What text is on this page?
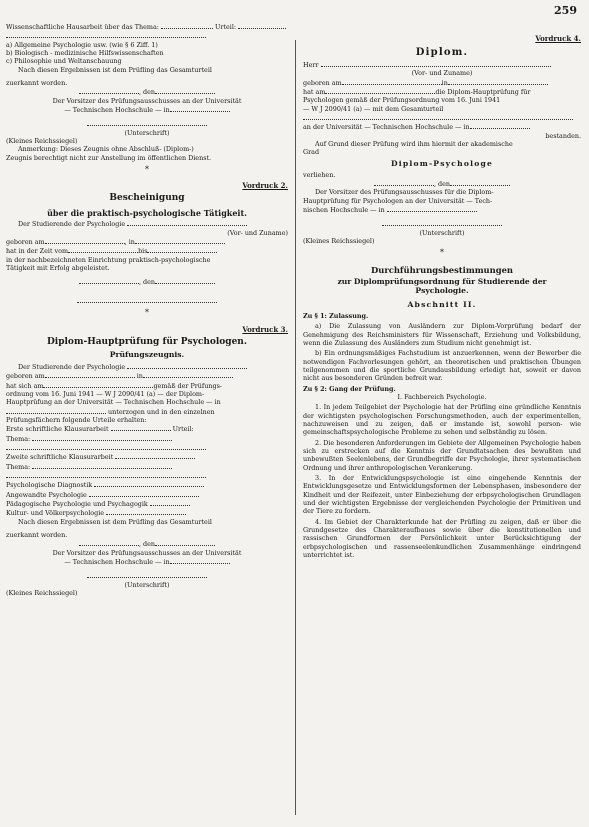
259

Wissenschaftliche Hausarbeit über das Thema:	Urteil:

a) Allgemeine Psychologie usw. (wie § 6 Ziff. 1)

b) Biologisch - medizinische Hilfswissenschaften

c) Philosophie und Weltanschauung

Nach diesen Ergebnissen ist dem Prüfling das Gesamturteil

zuerkannt worden.

, den

Der Vorsitzer des Prüfungsausschusses an der Universität

— Technischen Hochschule — in

(Unterschrift)

(Kleines Reichssiegel)

Anmerkung: Dieses Zeugnis ohne Abschluß- (Diplom-)

Zeugnis berechtigt nicht zur Anstellung im öffentlichen Dienst.

*
Vordruck 2.
Bescheinigung
über die praktisch-psychologische Tätigkeit.

Der Studierende der Psychologie

(Vor- und Zuname)

geboren am	, in

hat in der Zeit vom	bis

in der nachbezeichneten Einrichtung praktisch-psychologische

Tätigkeit mit Erfolg abgeleistet.

, den

*
Vordruck 3.
Diplom-Hauptprüfung für Psychologen.
Prüfungszeugnis.

Der Studierende der Psychologie

geboren am	in

hat sich am	gemäß der Prüfungs-

ordnung vom 16. Juni 1941 — W J 2090/41 (a) — der Diplom-

Hauptprüfung an der Universität — Technischen Hochschule — in

unterzogen und in den einzelnen

Prüfungsfächern folgende Urteile erhalten:

Erste schriftliche Klausurarbeit	Urteil:

Thema:

Zweite schriftliche Klausurarbeit

Thema:

Psychologische Diagnostik

Angewandte Psychologie

Pädagogische Psychologie und Psychagogik

Kultur- und Völkerpsychologie

Nach diesen Ergebnissen ist dem Prüfling das Gesamturteil

zuerkannt worden.

, den

Der Vorsitzer des Prüfungsausschusses an der Universität

— Technischen Hochschule — in

(Unterschrift)

(Kleines Reichssiegel)

Vordruck 4.
Diplom.

Herr

(Vor- und Zuname)

geboren am	in

hat am	die Diplom-Hauptprüfung für

Psychologen gemäß der Prüfungsordnung vom 16. Juni 1941

— W J 2090/41 (a) — mit dem Gesamturteil

an der Universität — Technischen Hochschule — in

bestanden.

Auf Grund dieser Prüfung wird ihm hiermit der akademische

Grad

Diplom-Psychologe

verliehen.

, den

Der Vorsitzer des Prüfungsausschusses für die Diplom-

Hauptprüfung für Psychologen an der Universität — Tech-

nischen Hochschule — in

(Unterschrift)

(Kleines Reichssiegel)

*
Durchführungsbestimmungen
zur Diplomprüfungsordnung für Studierende der
Psychologie.
Abschnitt II.

Zu § 1: Zulassung.

a) Die Zulassung von Ausländern zur Diplom-Vorprüfung bedarf der Genehmigung des Reichsministers für Wissenschaft, Erziehung und Volksbildung, wenn die Zulassung des Ausländers zum Studium nicht genehmigt ist.

b) Ein ordnungsmäßiges Fachstudium ist anzuerkennen, wenn der Bewerber die notwendigen Fachvorlesungen gehört, an theoretischen und praktischen Übungen teilgenommen und die sportliche Grundausbildung erledigt hat, soweit er davon nicht aus besonderen Gründen befreit war.

Zu § 2: Gang der Prüfung.

I. Fachbereich Psychologie.

1. In jedem Teilgebiet der Psychologie hat der Prüfling eine gründliche Kenntnis der wichtigsten psychologischen Forschungsmethoden, auch der experimentellen, nachzuweisen und zu zeigen, daß er imstande ist, sowohl person- wie gemeinschaftspsychologische Probleme zu sehen und selbständig zu lösen.

2. Die besonderen Anforderungen im Gebiete der Allgemeinen Psychologie haben sich zu erstrecken auf die Kenntnis der Grundtatsachen des bewußten und unbewußten Seelenlebens, der Grundbegriffe der Psychologie, ihrer systematischen Ordnung und ihrer anthropologischen Verankerung.

3. In der Entwicklungspsychologie ist eine eingehende Kenntnis der Entwicklungsgesetze und Entwicklungsformen der Lebensphasen, insbesondere der Kindheit und der Reifezeit, unter Einbeziehung der erbpsychologischen Grundlagen und der wichtigsten Ergebnisse der vergleichenden Psychologie der Primitiven und der Tiere zu fordern.

4. Im Gebiet der Charakterkunde hat der Prüfling zu zeigen, daß er über die Grundgesetze des Charakteraufbaues sowie über die konstitutionellen und rassischen Grundformen der Persönlichkeit unter Berücksichtigung der erbpsychologischen und rassenseelenkundlichen Zusammenhänge eindringend unterrichtet ist.
